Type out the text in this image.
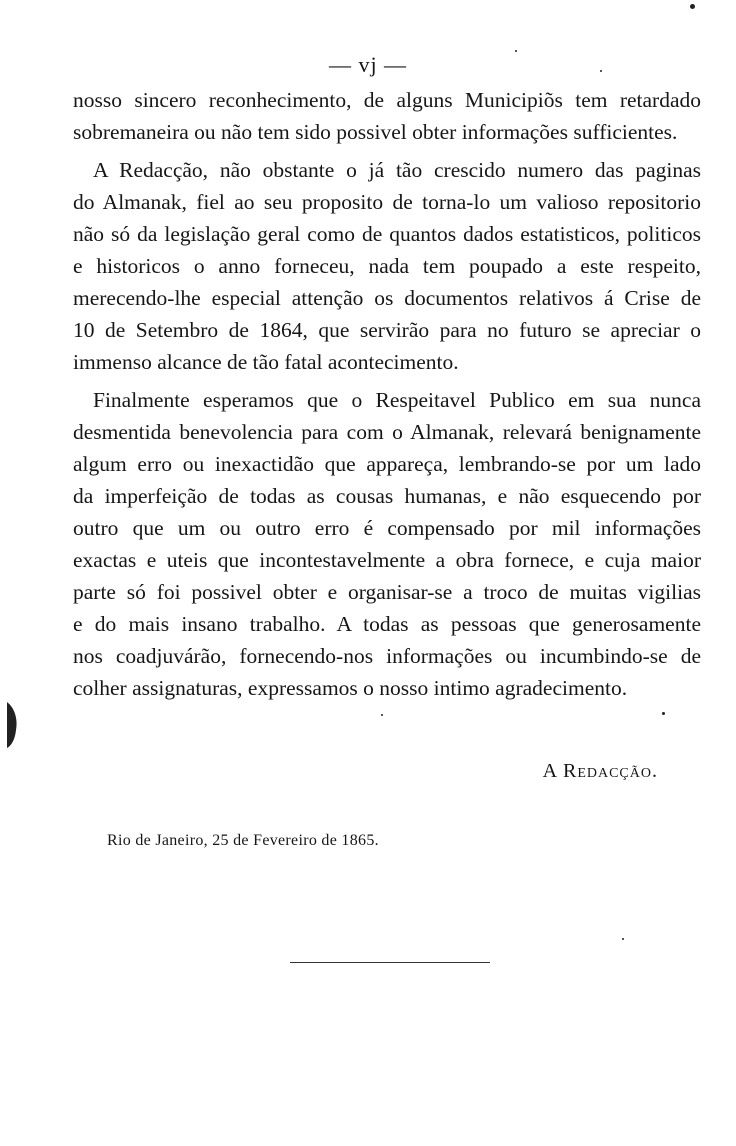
— vj —

nosso sincero reconhecimento, de alguns Municipiõs tem retardado
sobremaneira ou não tem sido possivel obter informações sufficientes.

A Redacção, não obstante o já tão crescido numero das paginas
do Almanak, fiel ao seu proposito de torna-lo um valioso repositorio
não só da legislação geral como de quantos dados estatisticos, politicos
e historicos o anno forneceu, nada tem poupado a este respeito,
merecendo-lhe especial attenção os documentos relativos á Crise de
10 de Setembro de 1864, que servirão para no futuro se apreciar o
immenso alcance de tão fatal acontecimento.

Finalmente esperamos que o Respeitavel Publico em sua nunca
desmentida benevolencia para com o Almanak, relevará benignamente
algum erro ou inexactidão que appareça, lembrando-se por um lado
da imperfeição de todas as cousas humanas, e não esquecendo por
outro que um ou outro erro é compensado por mil informações
exactas e uteis que incontestavelmente a obra fornece, e cuja maior
parte só foi possivel obter e organisar-se a troco de muitas vigilias
e do mais insano trabalho. A todas as pessoas que generosamente
nos coadjuvárão, fornecendo-nos informações ou incumbindo-se de
colher assignaturas, expressamos o nosso intimo agradecimento.

A Redacção.
Rio de Janeiro, 25 de Fevereiro de 1865.
